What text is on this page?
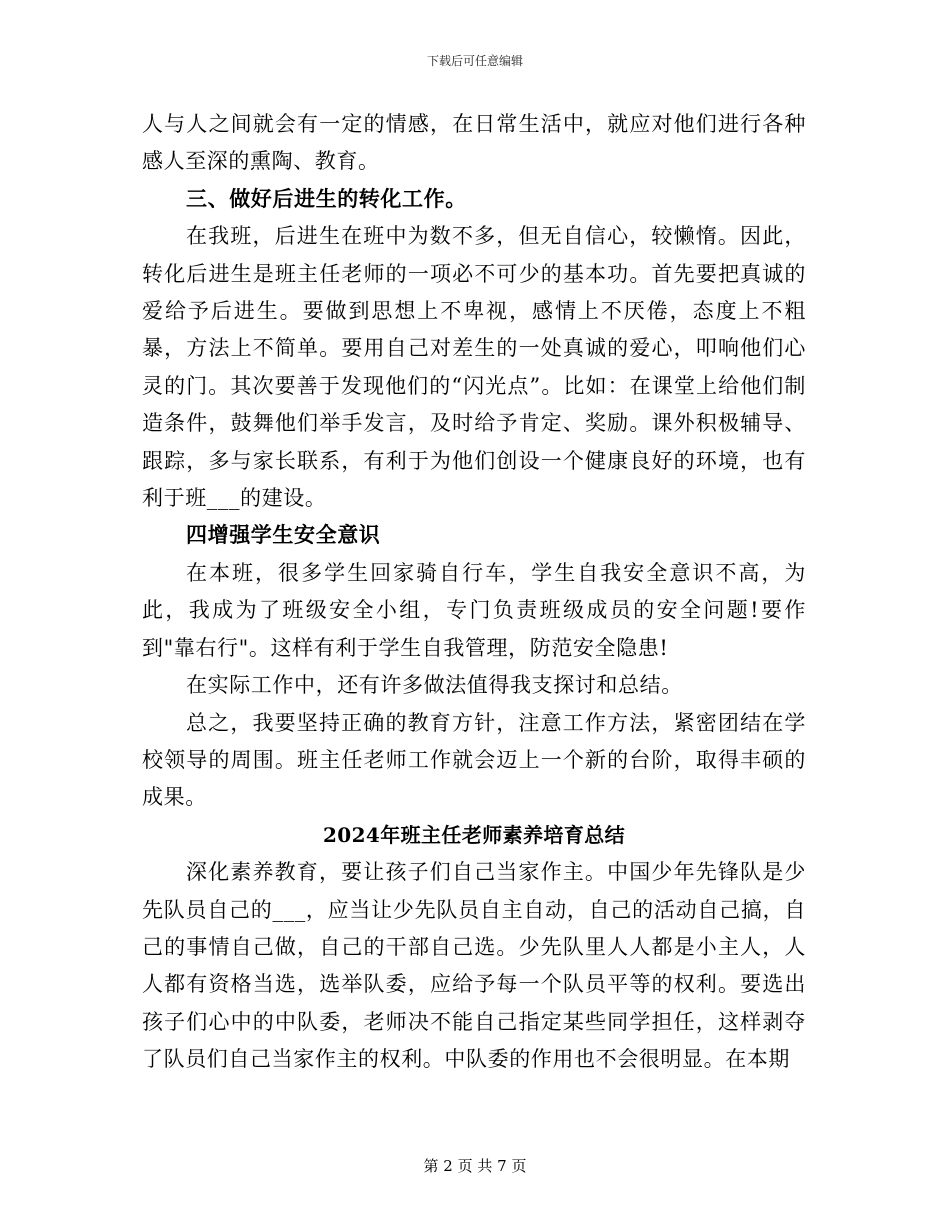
下载后可任意编辑

人与人之间就会有一定的情感，在日常生活中，就应对他们进行各种感人至深的熏陶、教育。

三、做好后进生的转化工作。

在我班，后进生在班中为数不多，但无自信心，较懒惰。因此，转化后进生是班主任老师的一项必不可少的基本功。首先要把真诚的爱给予后进生。要做到思想上不卑视，感情上不厌倦，态度上不粗暴，方法上不简单。要用自己对差生的一处真诚的爱心，叩响他们心灵的门。其次要善于发现他们的“闪光点”。比如：在课堂上给他们制造条件，鼓舞他们举手发言，及时给予肯定、奖励。课外积极辅导、跟踪，多与家长联系，有利于为他们创设一个健康良好的环境，也有利于班___的建设。

四增强学生安全意识

在本班，很多学生回家骑自行车，学生自我安全意识不高，为此，我成为了班级安全小组，专门负责班级成员的安全问题!要作到"靠右行"。这样有利于学生自我管理，防范安全隐患!

在实际工作中，还有许多做法值得我支探讨和总结。

总之，我要坚持正确的教育方针，注意工作方法，紧密团结在学校领导的周围。班主任老师工作就会迈上一个新的台阶，取得丰硕的成果。

2024年班主任老师素养培育总结

深化素养教育，要让孩子们自己当家作主。中国少年先锋队是少先队员自己的___，应当让少先队员自主自动，自己的活动自己搞，自己的事情自己做，自己的干部自己选。少先队里人人都是小主人，人人都有资格当选，选举队委，应给予每一个队员平等的权利。要选出孩子们心中的中队委，老师决不能自己指定某些同学担任，这样剥夺了队员们自己当家作主的权利。中队委的作用也不会很明显。在本期

第 2 页 共 7 页
